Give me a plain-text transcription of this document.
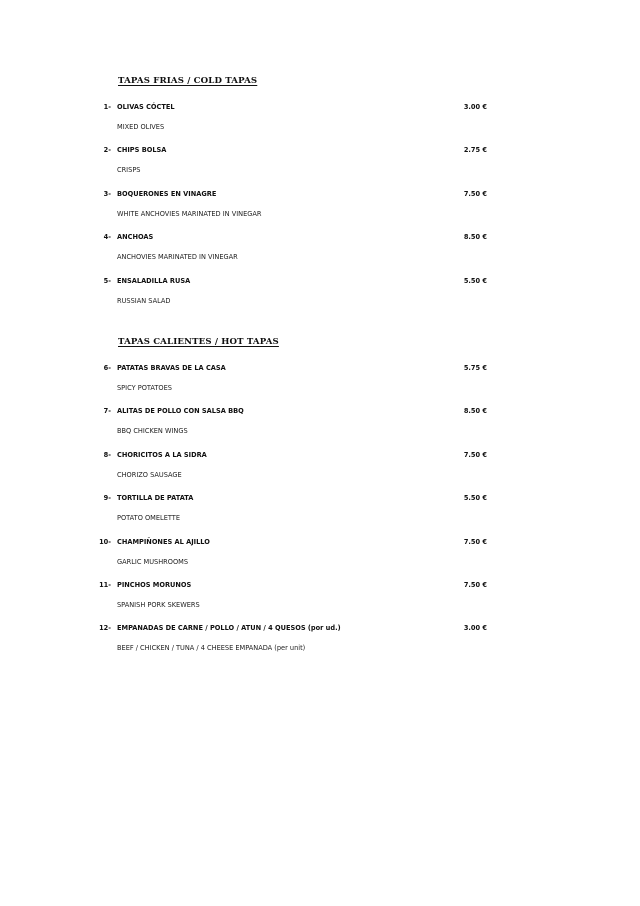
TAPAS FRIAS / COLD TAPAS
1- OLIVAS CÓCTEL	3.00 €
MIXED OLIVES
2- CHIPS BOLSA	2.75 €
CRISPS
3- BOQUERONES EN VINAGRE	7.50 €
WHITE ANCHOVIES MARINATED IN VINEGAR
4- ANCHOAS	8.50 €
ANCHOVIES MARINATED IN VINEGAR
5- ENSALADILLA RUSA	5.50 €
RUSSIAN SALAD
TAPAS CALIENTES / HOT TAPAS
6- PATATAS BRAVAS DE LA CASA	5.75 €
SPICY POTATOES
7- ALITAS DE POLLO CON SALSA BBQ	8.50 €
BBQ CHICKEN WINGS
8- CHORICITOS A LA SIDRA	7.50 €
CHORIZO SAUSAGE
9- TORTILLA DE PATATA	5.50 €
POTATO OMELETTE
10- CHAMPIÑONES AL AJILLO	7.50 €
GARLIC MUSHROOMS
11- PINCHOS MORUNOS	7.50 €
SPANISH PORK SKEWERS
12- EMPANADAS DE CARNE / POLLO / ATUN / 4 QUESOS (por ud.)	3.00 €
BEEF / CHICKEN / TUNA / 4 CHEESE EMPANADA (per unit)
